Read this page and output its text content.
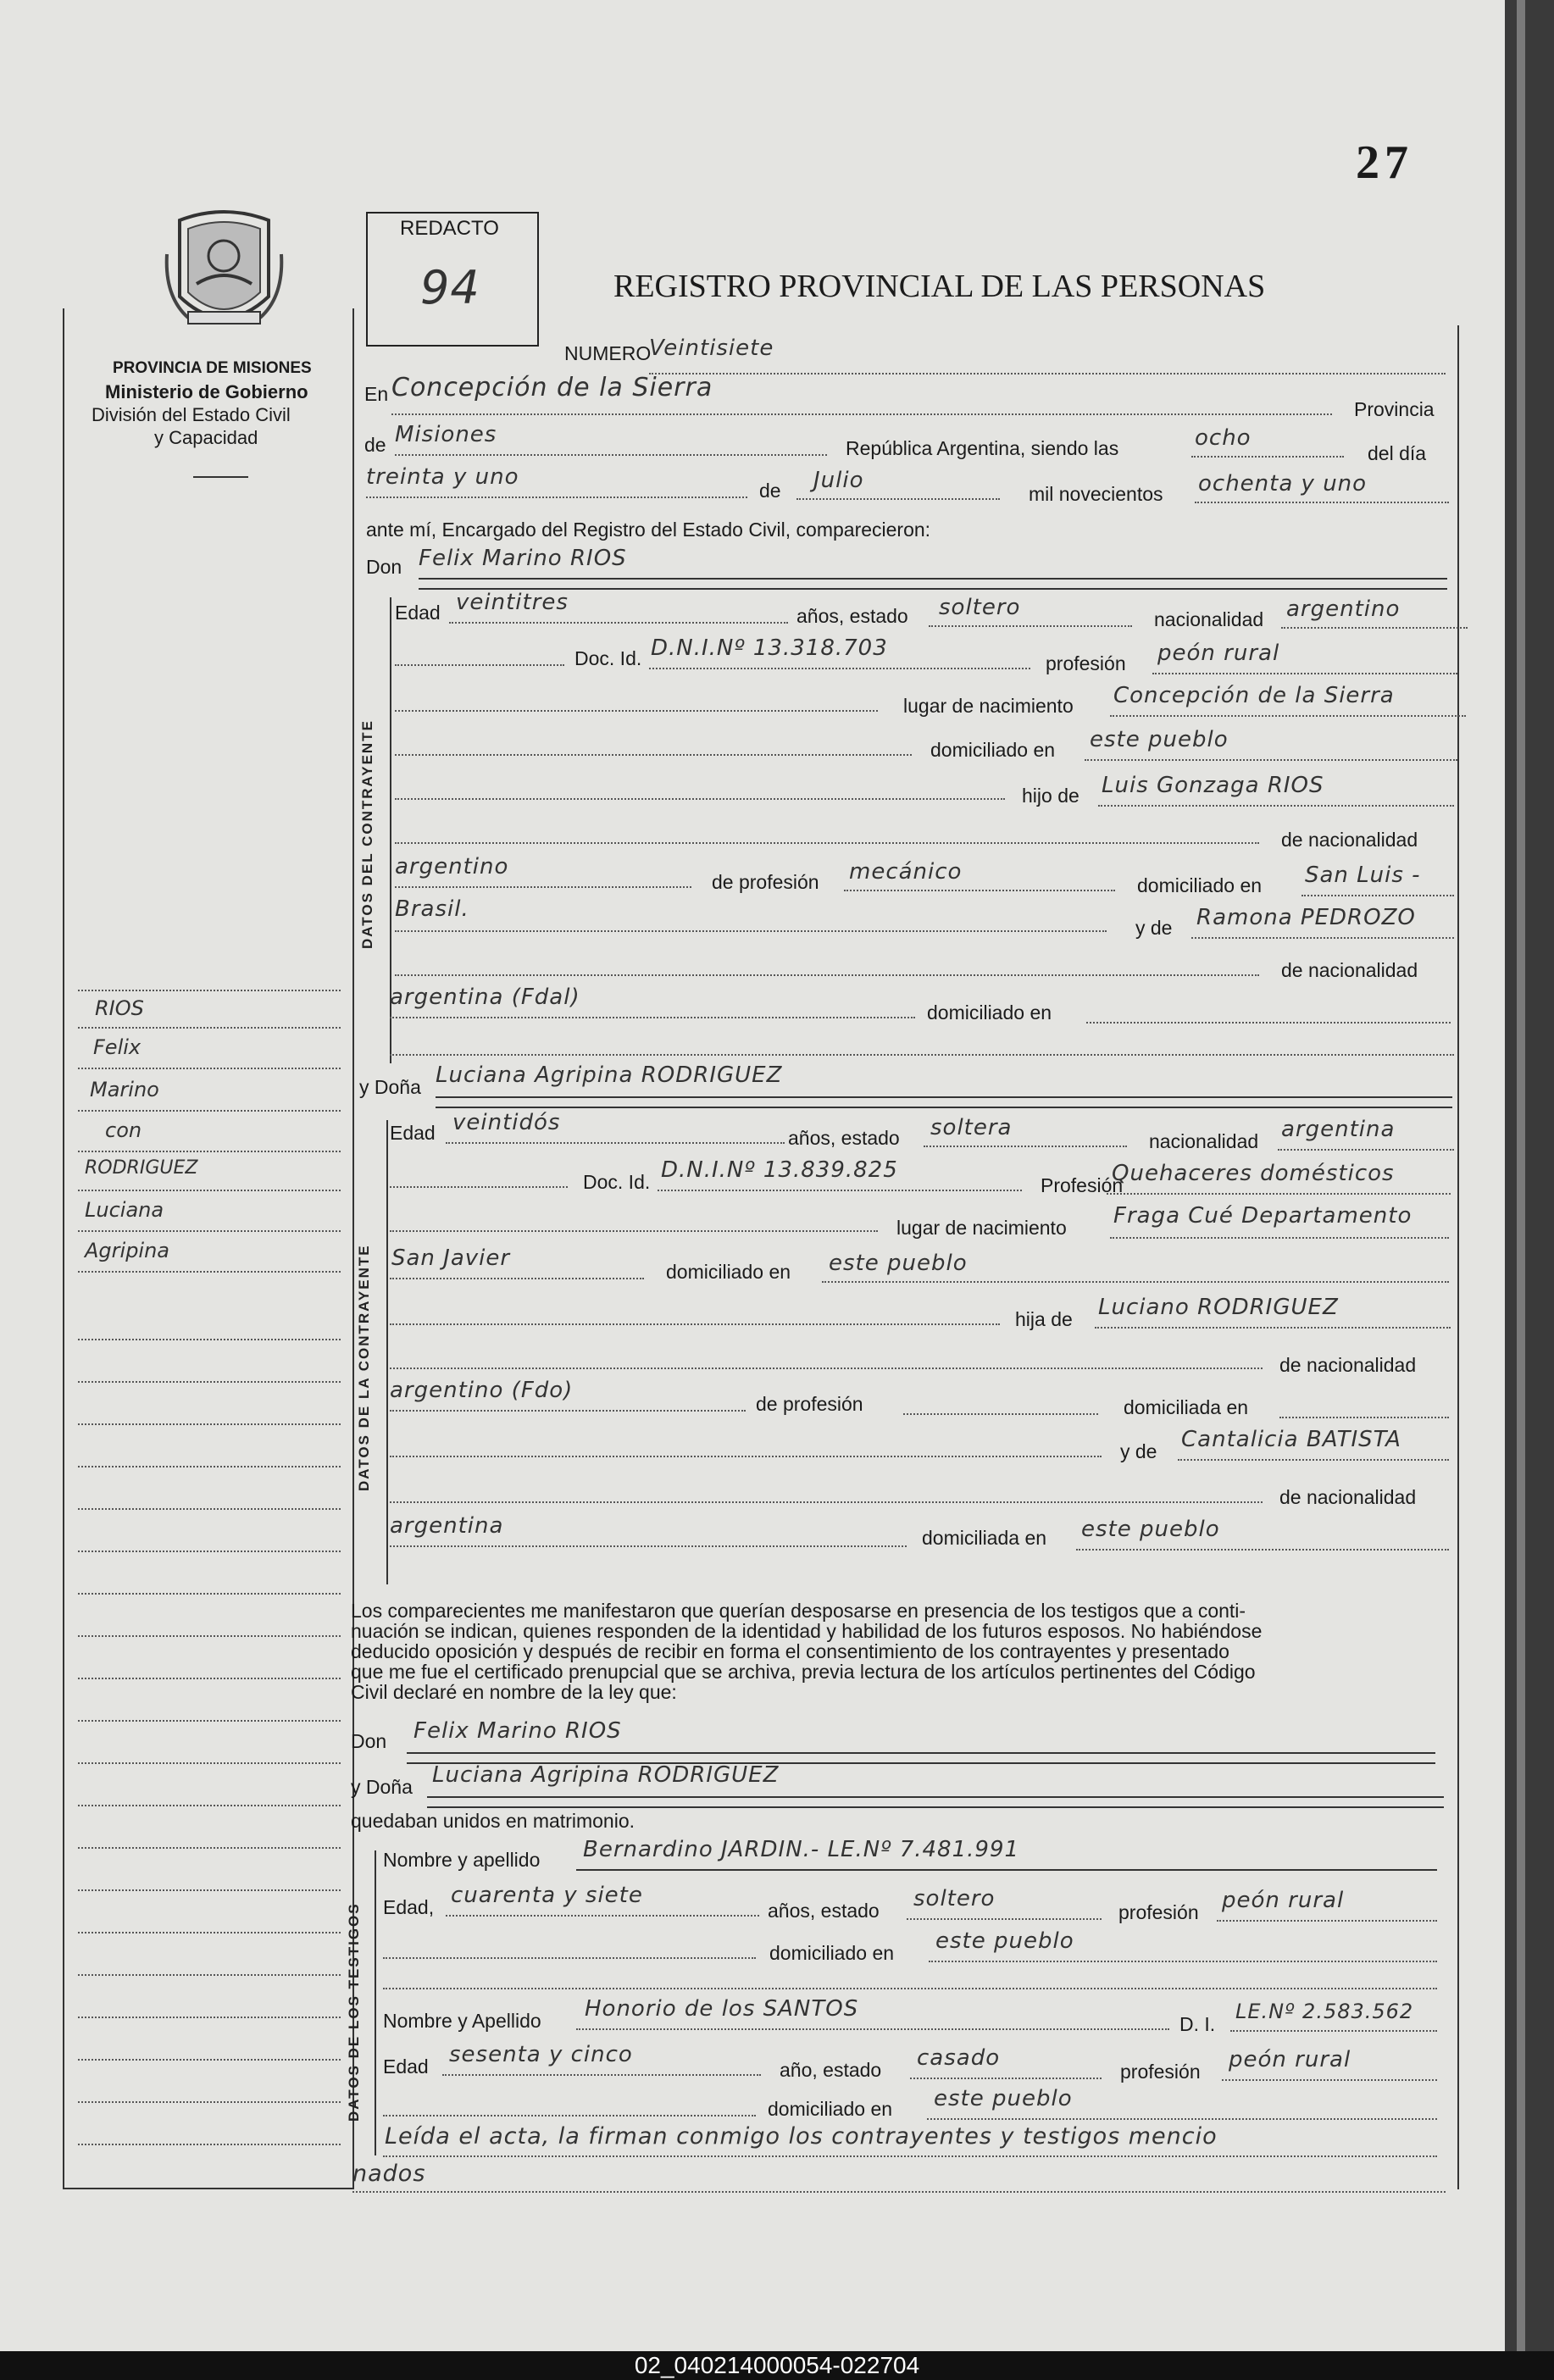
27
PROVINCIA DE MISIONES
Ministerio de Gobierno
División del Estado Civil
y Capacidad
REDACTO
94	REGISTRO PROVINCIAL DE LAS PERSONAS
NUMERO
Veintisiete
En Concepción de la Sierra
Provincia
de Misiones
República Argentina, siendo las	ocho
del día
treinta y uno
de Julio
mil novecientos ochenta y uno
ante mí, Encargado del Registro del Estado Civil, comparecieron:
Don Felix Marino RIOS
DATOS DEL CONTRAYENTE
Edad veintitres
años, estado soltero	nacionalidad argentino
Doc. Id. D.N.I.Nº 13.318.703
profesión peón rural
lugar de nacimiento Concepción de la Sierra
domiciliado en este pueblo
hijo de Luis Gonzaga RIOS
de nacionalidad
argentino
de profesión mecánico
domiciliado en San Luis -
Brasil.
y de Ramona PEDROZO
de nacionalidad
argentina (Fdal)
domiciliado en
y Doña Luciana Agripina RODRIGUEZ
DATOS DE LA CONTRAYENTE
Edad veintidós
años, estado soltera
nacionalidad argentina
Doc. Id. D.N.I.Nº 13.839.825
Profesión
Quehaceres domésticos
lugar de nacimiento Fraga Cué Departamento
San Javier
domiciliado en este pueblo
hija de Luciano RODRIGUEZ
de nacionalidad
argentino (Fdo)
de profesión	domiciliada en
y de Cantalicia BATISTA
de nacionalidad
argentina	domiciliada en este pueblo
Los comparecientes me manifestaron que querían desposarse en presencia de los testigos que a conti-
nuación se indican, quienes responden de la identidad y habilidad de los futuros esposos. No habiéndose
deducido oposición y después de recibir en forma el consentimiento de los contrayentes y presentado
que me fue el certificado prenupcial que se archiva, previa lectura de los artículos pertinentes del Código
Civil declaré en nombre de la ley que:
Don Felix Marino RIOS
y Doña Luciana Agripina RODRIGUEZ
quedaban unidos en matrimonio.
DATOS DE LOS TESTIGOS
Nombre y apellido Bernardino JARDIN.- LE.Nº 7.481.991
Edad, cuarenta y siete
años, estado soltero
profesión peón rural
domiciliado en este pueblo
Nombre y Apellido Honorio de los SANTOS
D. I.
LE.Nº 2.583.562
Edad sesenta y cinco
año, estado casado
profesión peón rural
domiciliado en este pueblo
Leída el acta, la firman conmigo los contrayentes y testigos mencio
nados
RIOS
Felix
Marino
con
RODRIGUEZ
Luciana
Agripina
02_040214000054-022704
